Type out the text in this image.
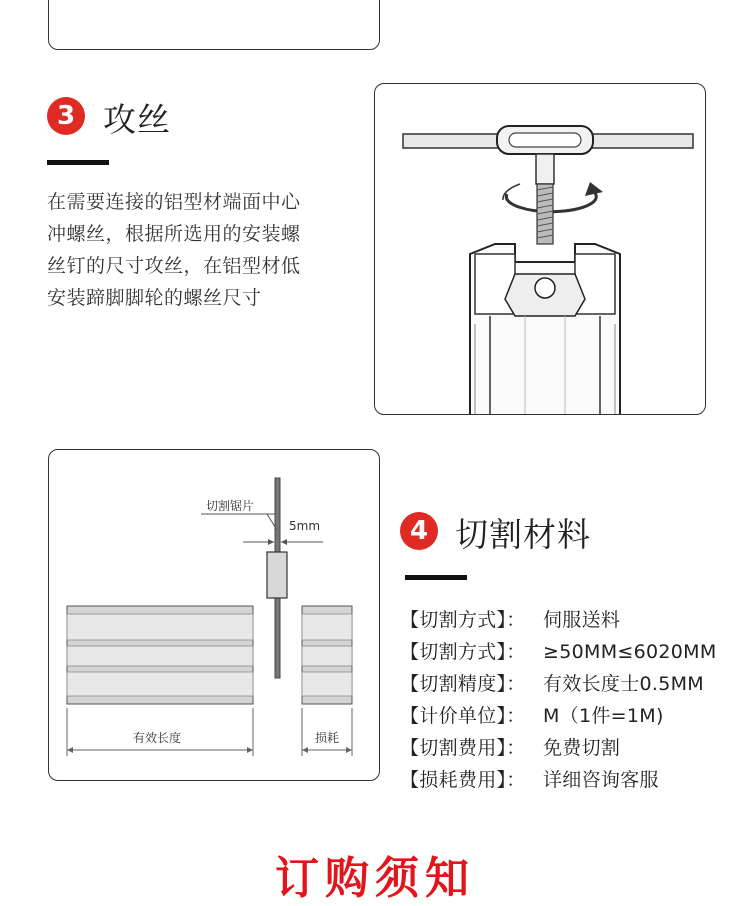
3 攻丝
在需要连接的铝型材端面中心
冲螺丝，根据所选用的安装螺
丝钉的尺寸攻丝，在铝型材低
安装蹄脚脚轮的螺丝尺寸
切割锯片
5mm
有效长度	损耗
4 切割材料
【切割方式】： 伺服送料
【切割方式】： ≥50MM≤6020MM
【切割精度】： 有效长度士0.5MM
【计价单位】： M（1件=1M)
【切割费用】： 免费切割
【损耗费用】： 详细咨询客服
订购须知
